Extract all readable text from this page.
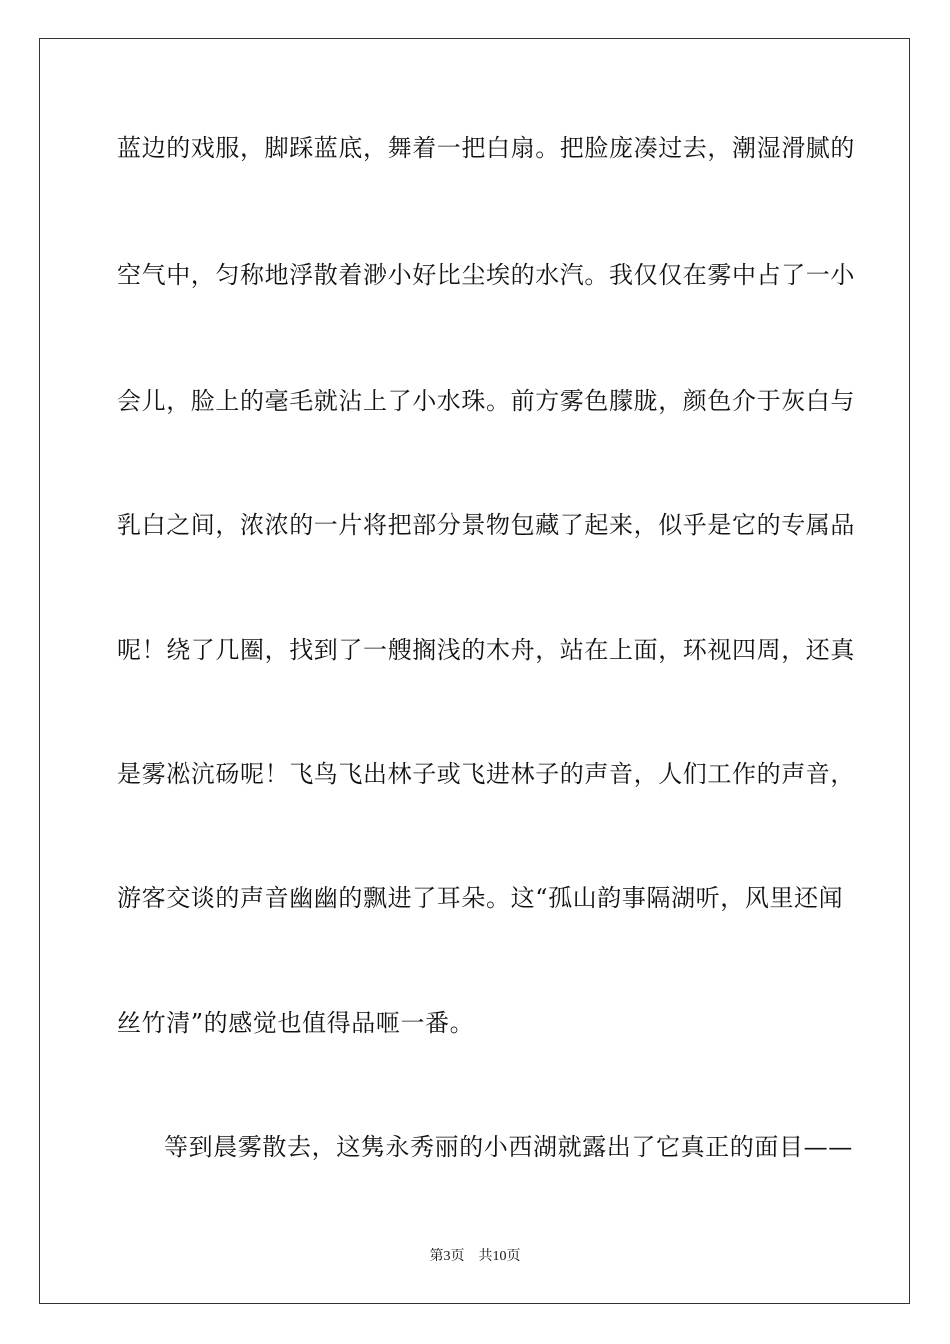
蓝边的戏服，脚踩蓝底，舞着一把白扇。把脸庞凑过去，潮湿滑腻的
空气中，匀称地浮散着渺小好比尘埃的水汽。我仅仅在雾中占了一小
会儿，脸上的毫毛就沾上了小水珠。前方雾色朦胧，颜色介于灰白与
乳白之间，浓浓的一片将把部分景物包藏了起来，似乎是它的专属品
呢！绕了几圈，找到了一艘搁浅的木舟，站在上面，环视四周，还真
是雾凇沆砀呢！飞鸟飞出林子或飞进林子的声音，人们工作的声音，
游客交谈的声音幽幽的飘进了耳朵。这“孤山韵事隔湖听，风里还闻
丝竹清”的感觉也值得品咂一番。
等到晨雾散去，这隽永秀丽的小西湖就露出了它真正的面目——
第3页 共10页
